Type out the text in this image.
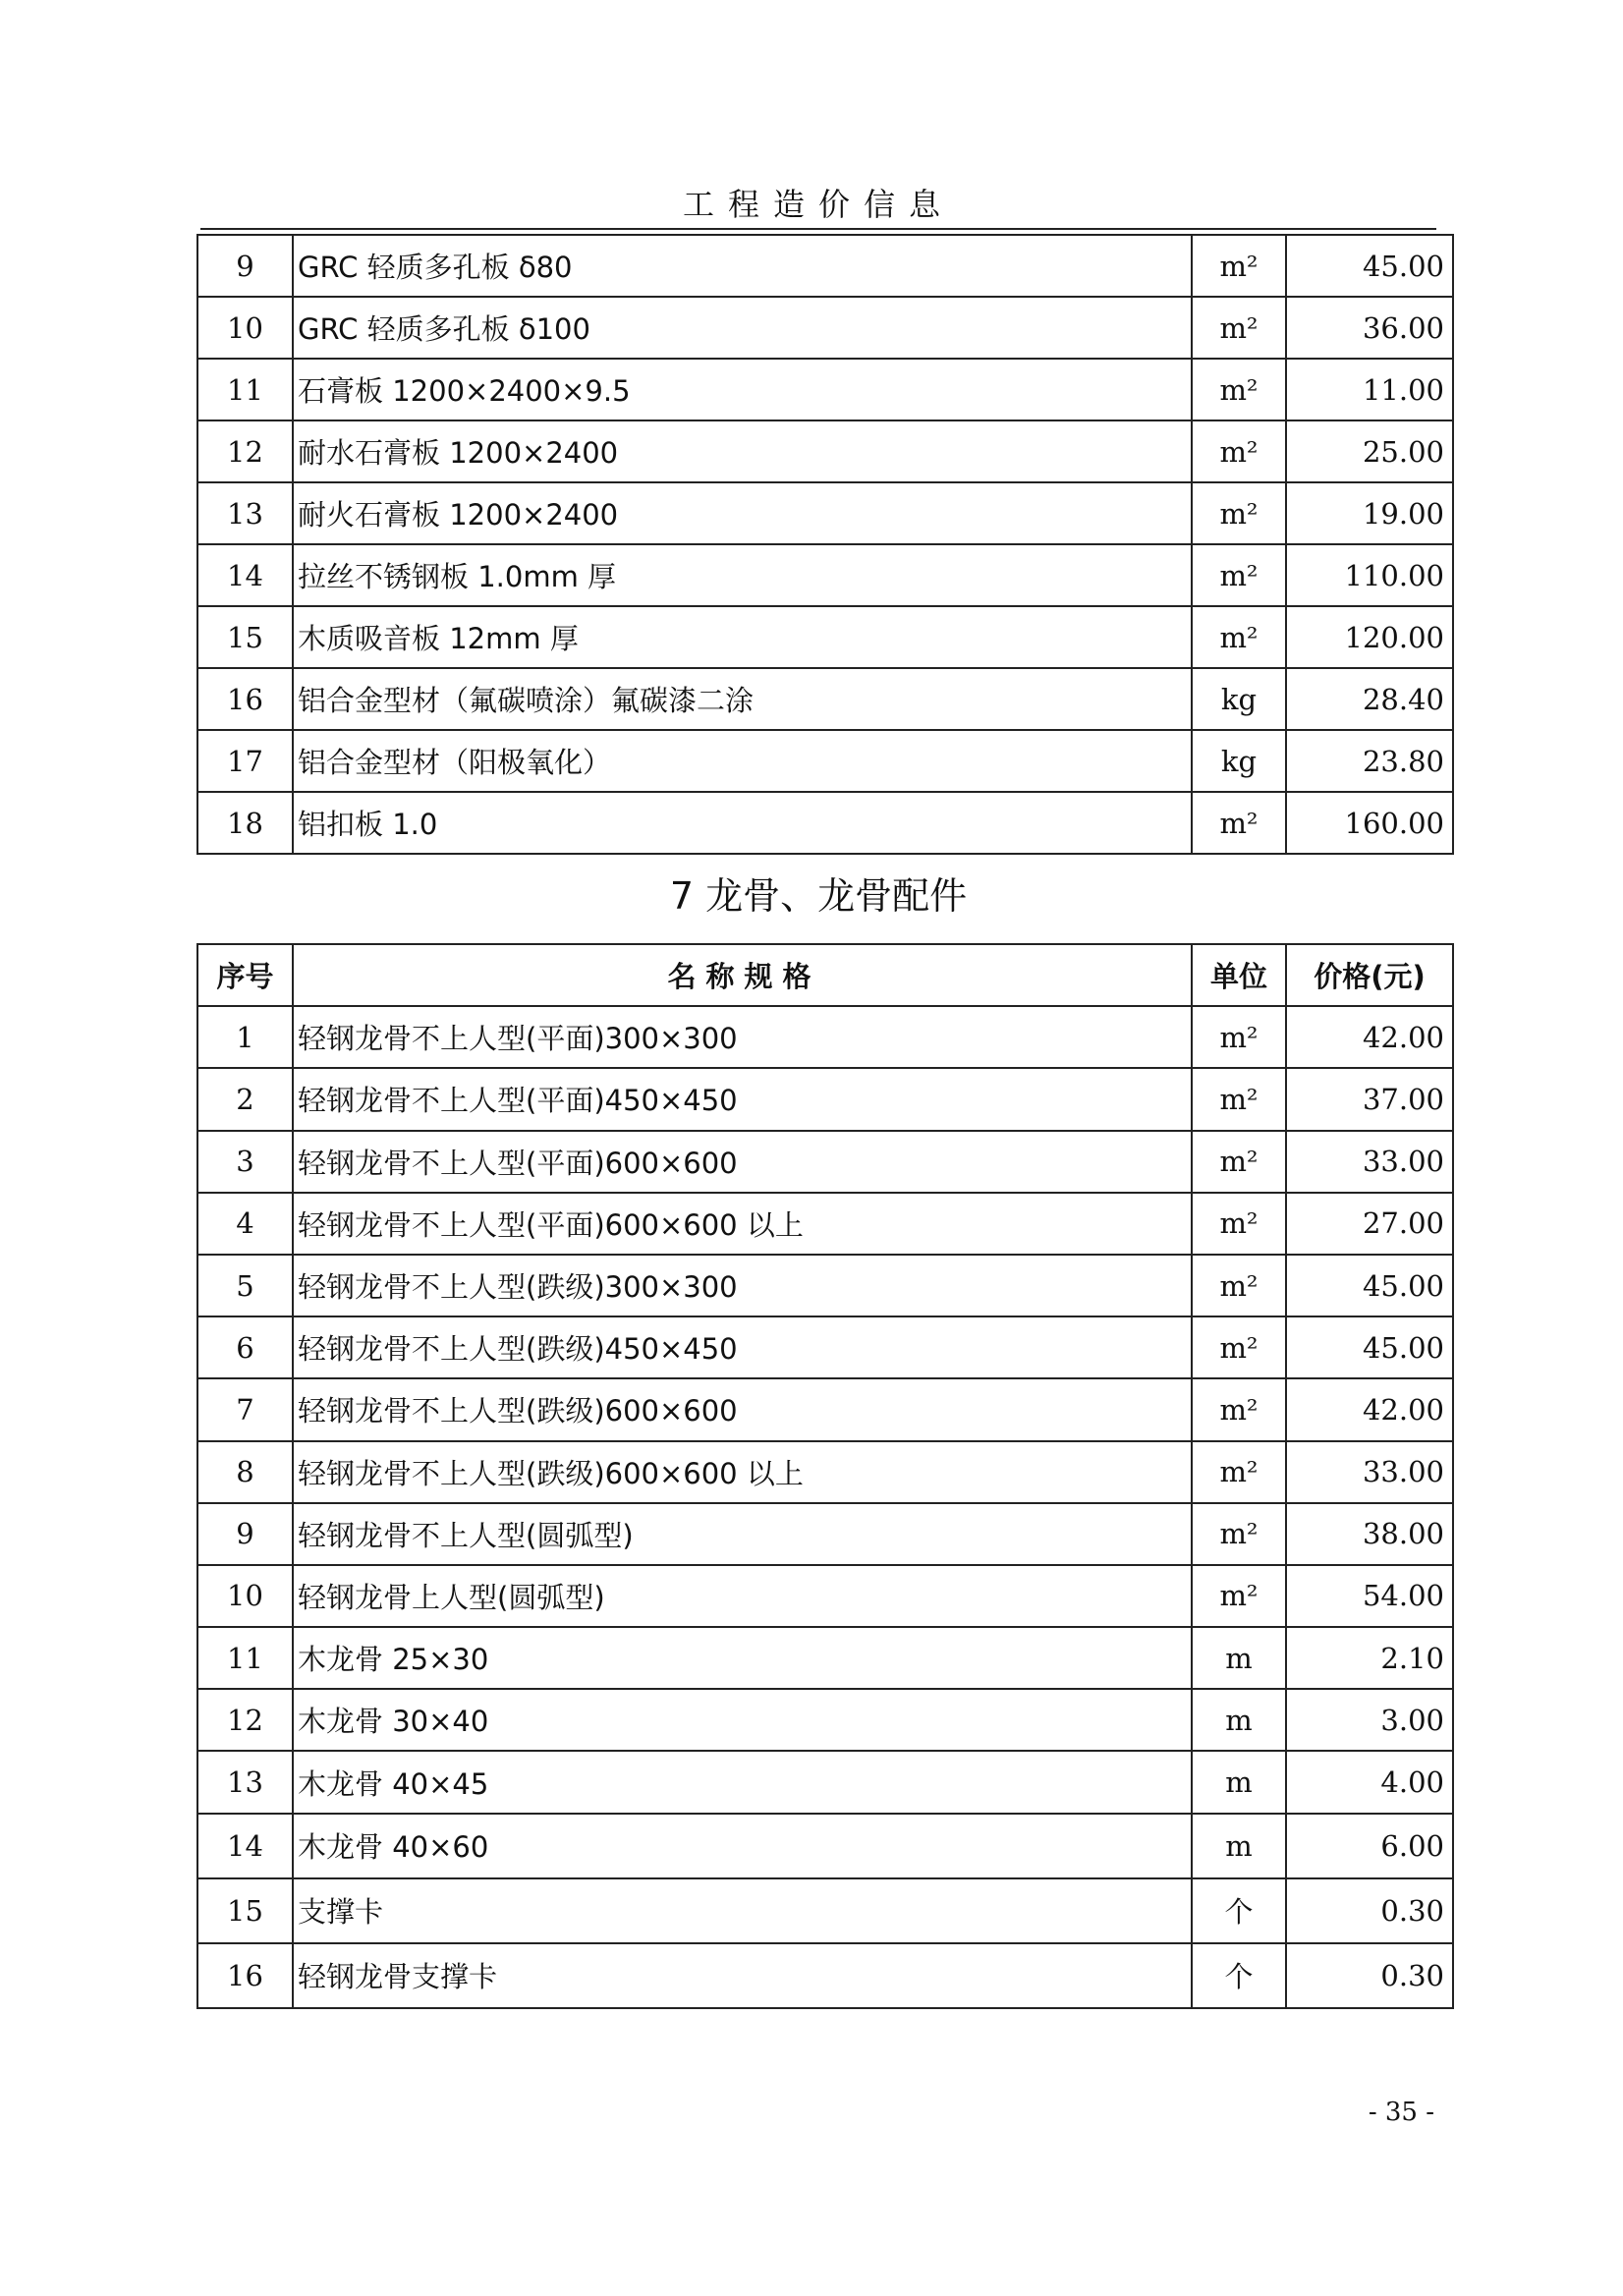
工程造价信息
9	GRC 轻质多孔板 δ80	m²	45.00
10	GRC 轻质多孔板 δ100	m²	36.00
11	石膏板 1200×2400×9.5	m²	11.00
12	耐水石膏板 1200×2400	m²	25.00
13	耐火石膏板 1200×2400	m²	19.00
14	拉丝不锈钢板 1.0mm 厚	m²	110.00
15	木质吸音板 12mm 厚	m²	120.00
16	铝合金型材（氟碳喷涂）氟碳漆二涂	kg	28.40
17	铝合金型材（阳极氧化）	kg	23.80
18	铝扣板 1.0	m²	160.00
7 龙骨、龙骨配件
序号	名称规格	单位	价格(元)
1	轻钢龙骨不上人型(平面)300×300	m²	42.00
2	轻钢龙骨不上人型(平面)450×450	m²	37.00
3	轻钢龙骨不上人型(平面)600×600	m²	33.00
4	轻钢龙骨不上人型(平面)600×600 以上	m²	27.00
5	轻钢龙骨不上人型(跌级)300×300	m²	45.00
6	轻钢龙骨不上人型(跌级)450×450	m²	45.00
7	轻钢龙骨不上人型(跌级)600×600	m²	42.00
8	轻钢龙骨不上人型(跌级)600×600 以上	m²	33.00
9	轻钢龙骨不上人型(圆弧型)	m²	38.00
10	轻钢龙骨上人型(圆弧型)	m²	54.00
11	木龙骨 25×30	m	2.10
12	木龙骨 30×40	m	3.00
13	木龙骨 40×45	m	4.00
14	木龙骨 40×60	m	6.00
15	支撑卡	个	0.30
16	轻钢龙骨支撑卡	个	0.30
- 35 -
